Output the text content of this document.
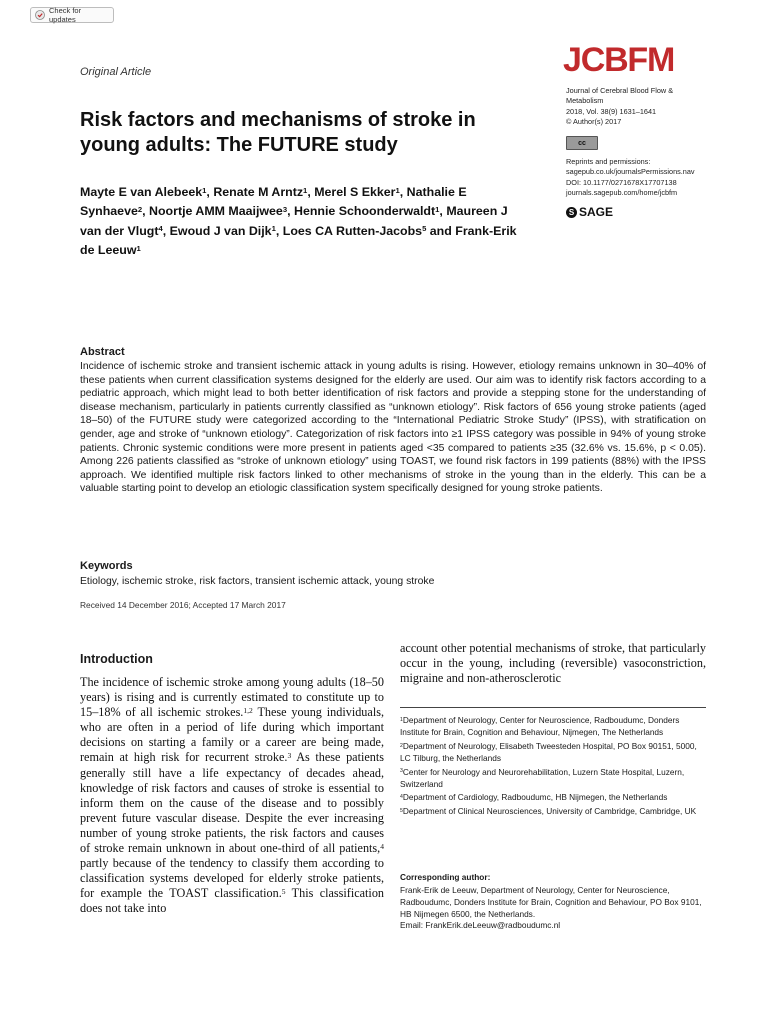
Check for updates
Original Article
Risk factors and mechanisms of stroke in young adults: The FUTURE study
Mayte E van Alebeek$^1$, Renate M Arntz$^1$, Merel S Ekker$^1$, Nathalie E Synhaeve$^2$, Noortje AMM Maaijwee$^3$, Hennie Schoonderwaldt$^1$, Maureen J van der Vlugt$^4$, Ewoud J van Dijk$^1$, Loes CA Rutten-Jacobs$^5$ and Frank-Erik de Leeuw$^1$
JCBFM
Journal of Cerebral Blood Flow &
Metabolism
2018, Vol. 38(9) 1631–1641
© Author(s) 2017
cc
Reprints and permissions:
sagepub.co.uk/journalsPermissions.nav
DOI: 10.1177/0271678X17707138
journals.sagepub.com/home/jcbfm
S SAGE
Abstract

Incidence of ischemic stroke and transient ischemic attack in young adults is rising. However, etiology remains unknown in 30–40% of these patients when current classification systems designed for the elderly are used. Our aim was to identify risk factors according to a pediatric approach, which might lead to both better identification of risk factors and provide a stepping stone for the understanding of disease mechanism, particularly in patients currently classified as “unknown etiology”. Risk factors of 656 young stroke patients (aged 18–50) of the FUTURE study were categorized according to the “International Pediatric Stroke Study” (IPSS), with stratification on gender, age and stroke of “unknown etiology”. Categorization of risk factors into ≥1 IPSS category was possible in 94% of young stroke patients. Chronic systemic conditions were more present in patients aged <35 compared to patients ≥35 (32.6% vs. 15.6%, p < 0.05). Among 226 patients classified as “stroke of unknown etiology” using TOAST, we found risk factors in 199 patients (88%) with the IPSS approach. We identified multiple risk factors linked to other mechanisms of stroke in the young than in the elderly. This can be a valuable starting point to develop an etiologic classification system specifically designed for young stroke patients.

Keywords
Etiology, ischemic stroke, risk factors, transient ischemic attack, young stroke
Received 14 December 2016; Accepted 17 March 2017
Introduction

The incidence of ischemic stroke among young adults (18–50 years) is rising and is currently estimated to constitute up to 15–18% of all ischemic strokes.$^{1,2}$ These young individuals, who are often in a period of life during which important decisions on starting a family or a career are being made, remain at high risk for recurrent stroke.$^3$ As these patients generally still have a life expectancy of decades ahead, knowledge of risk factors and causes of stroke is essential to inform them on the cause of the disease and to possibly prevent future vascular disease. Despite the ever increasing number of young stroke patients, the risk factors and causes of stroke remain unknown in about one-third of all patients,$^4$ partly because of the tendency to classify them according to classification systems developed for elderly stroke patients, for example the TOAST classification.$^5$ This classification does not take into

account other potential mechanisms of stroke, that particularly occur in the young, including (reversible) vasoconstriction, migraine and non-atherosclerotic

$^1$Department of Neurology, Center for Neuroscience, Radboudumc, Donders Institute for Brain, Cognition and Behaviour, Nijmegen, The Netherlands
$^2$Department of Neurology, Elisabeth Tweesteden Hospital, PO Box 90151, 5000, LC Tilburg, the Netherlands
$^3$Center for Neurology and Neurorehabilitation, Luzern State Hospital, Luzern, Switzerland
$^4$Department of Cardiology, Radboudumc, HB Nijmegen, the Netherlands
$^5$Department of Clinical Neurosciences, University of Cambridge, Cambridge, UK
Corresponding author:
Frank-Erik de Leeuw, Department of Neurology, Center for Neuroscience, Radboudumc, Donders Institute for Brain, Cognition and Behaviour, PO Box 9101, HB Nijmegen 6500, the Netherlands.
Email: FrankErik.deLeeuw@radboudumc.nl
